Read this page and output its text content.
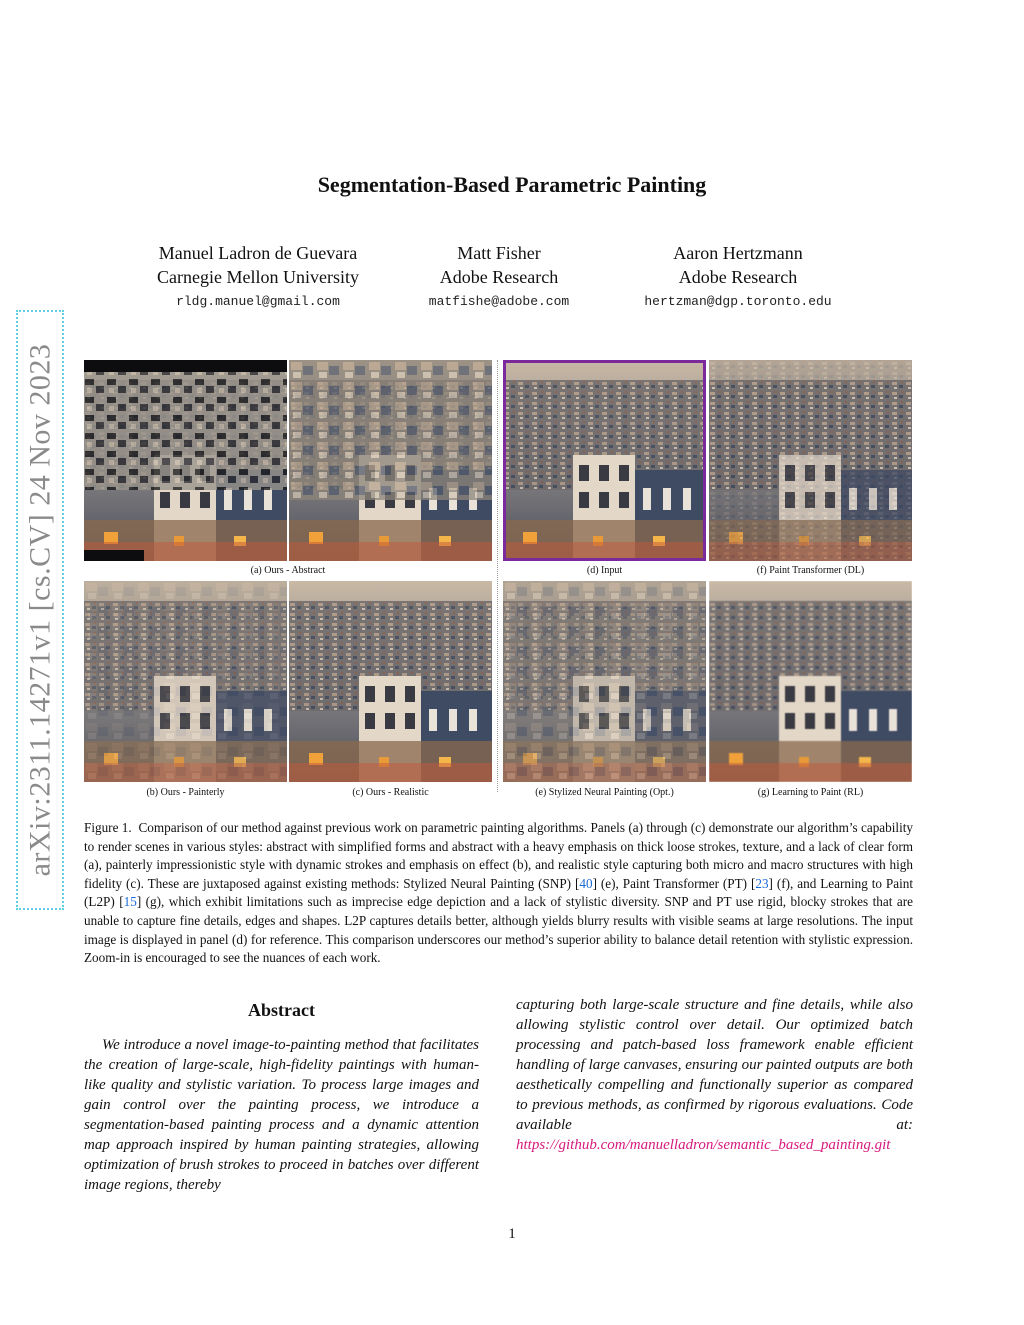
arXiv:2311.14271v1 [cs.CV] 24 Nov 2023
Segmentation-Based Parametric Painting
Manuel Ladron de Guevara
Carnegie Mellon University
rldg.manuel@gmail.com
Matt Fisher
Adobe Research
matfishe@adobe.com
Aaron Hertzmann
Adobe Research
hertzman@dgp.toronto.edu
(a) Ours - Abstract	(d) Input	(f) Paint Transformer (DL)
(b) Ours - Painterly	(c) Ours - Realistic	(e) Stylized Neural Painting (Opt.)	(g) Learning to Paint (RL)

Figure 1. Comparison of our method against previous work on parametric painting algorithms. Panels (a) through (c) demonstrate our algorithm’s capability to render scenes in various styles: abstract with simplified forms and abstract with a heavy emphasis on thick loose strokes, texture, and a lack of clear form (a), painterly impressionistic style with dynamic strokes and emphasis on effect (b), and realistic style capturing both micro and macro structures with high fidelity (c). These are juxtaposed against existing methods: Stylized Neural Painting (SNP) [40] (e), Paint Transformer (PT) [23] (f), and Learning to Paint (L2P) [15] (g), which exhibit limitations such as imprecise edge depiction and a lack of stylistic diversity. SNP and PT use rigid, blocky strokes that are unable to capture fine details, edges and shapes. L2P captures details better, although yields blurry results with visible seams at large resolutions. The input image is displayed in panel (d) for reference. This comparison underscores our method’s superior ability to balance detail retention with stylistic expression. Zoom-in is encouraged to see the nuances of each work.

Abstract

We introduce a novel image-to-painting method that facilitates the creation of large-scale, high-fidelity paintings with human-like quality and stylistic variation. To process large images and gain control over the painting process, we introduce a segmentation-based painting process and a dynamic attention map approach inspired by human painting strategies, allowing optimization of brush strokes to proceed in batches over different image regions, thereby

capturing both large-scale structure and fine details, while also allowing stylistic control over detail. Our optimized batch processing and patch-based loss framework enable efficient handling of large canvases, ensuring our painted outputs are both aesthetically compelling and functionally superior as compared to previous methods, as confirmed by rigorous evaluations. Code available at: https://github.com/manuelladron/semantic_based_painting.git

1
